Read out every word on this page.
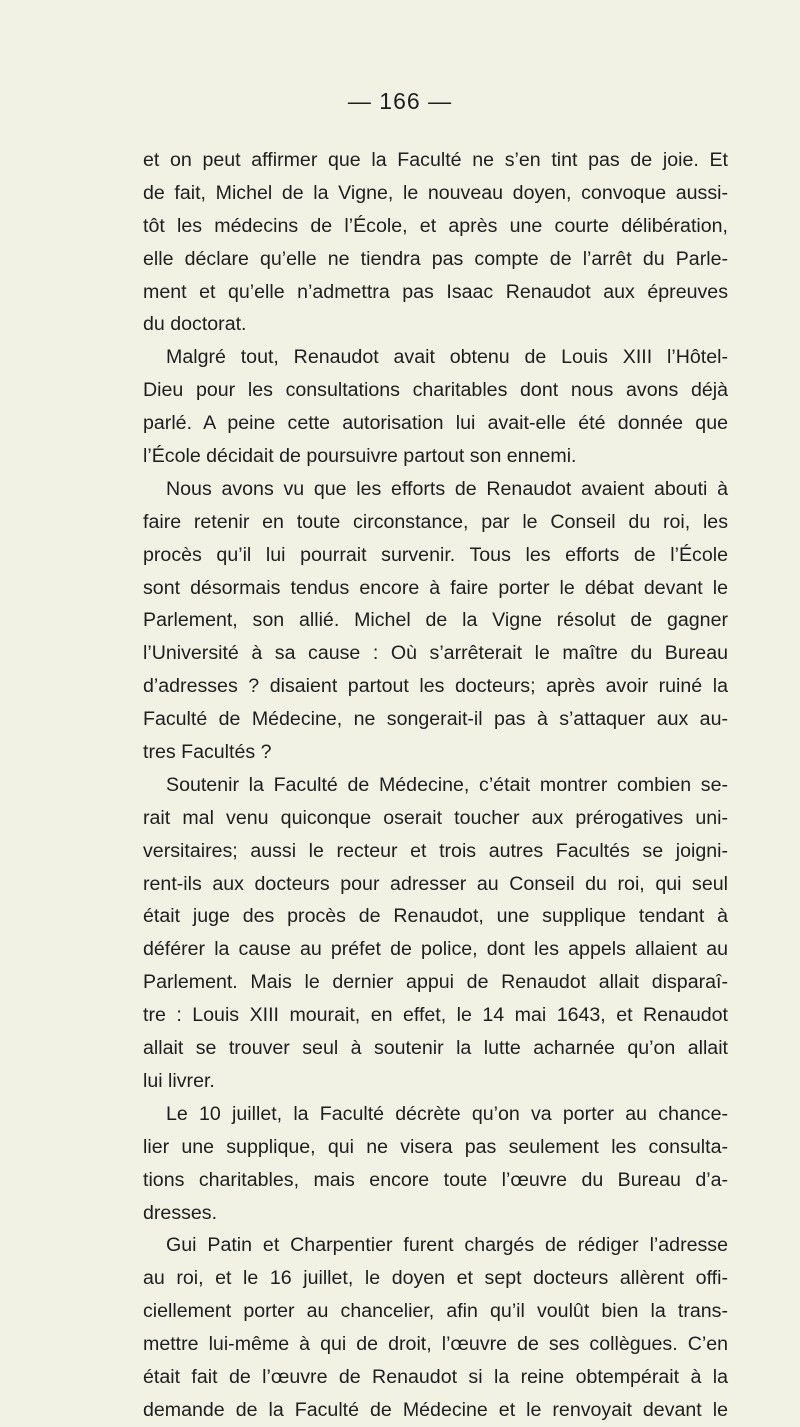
— 166 —
et on peut affirmer que la Faculté ne s’en tint pas de joie. Et
de fait, Michel de la Vigne, le nouveau doyen, convoque aussi-
tôt les médecins de l’École, et après une courte délibération,
elle déclare qu’elle ne tiendra pas compte de l’arrêt du Parle-
ment et qu’elle n’admettra pas Isaac Renaudot aux épreuves
du doctorat.
Malgré tout, Renaudot avait obtenu de Louis XIII l’Hôtel-
Dieu pour les consultations charitables dont nous avons déjà
parlé. A peine cette autorisation lui avait-elle été donnée que
l’École décidait de poursuivre partout son ennemi.
Nous avons vu que les efforts de Renaudot avaient abouti à
faire retenir en toute circonstance, par le Conseil du roi, les
procès qu’il lui pourrait survenir. Tous les efforts de l’École
sont désormais tendus encore à faire porter le débat devant le
Parlement, son allié. Michel de la Vigne résolut de gagner
l’Université à sa cause : Où s’arrêterait le maître du Bureau
d’adresses ? disaient partout les docteurs; après avoir ruiné la
Faculté de Médecine, ne songerait-il pas à s’attaquer aux au-
tres Facultés ?
Soutenir la Faculté de Médecine, c’était montrer combien se-
rait mal venu quiconque oserait toucher aux prérogatives uni-
versitaires; aussi le recteur et trois autres Facultés se joigni-
rent-ils aux docteurs pour adresser au Conseil du roi, qui seul
était juge des procès de Renaudot, une supplique tendant à
déférer la cause au préfet de police, dont les appels allaient au
Parlement. Mais le dernier appui de Renaudot allait disparaî-
tre : Louis XIII mourait, en effet, le 14 mai 1643, et Renaudot
allait se trouver seul à soutenir la lutte acharnée qu’on allait
lui livrer.
Le 10 juillet, la Faculté décrète qu’on va porter au chance-
lier une supplique, qui ne visera pas seulement les consulta-
tions charitables, mais encore toute l’œuvre du Bureau d’a-
dresses.
Gui Patin et Charpentier furent chargés de rédiger l’adresse
au roi, et le 16 juillet, le doyen et sept docteurs allèrent offi-
ciellement porter au chancelier, afin qu’il voulût bien la trans-
mettre lui-même à qui de droit, l’œuvre de ses collègues. C’en
était fait de l’œuvre de Renaudot si la reine obtempérait à la
demande de la Faculté de Médecine et le renvoyait devant le
